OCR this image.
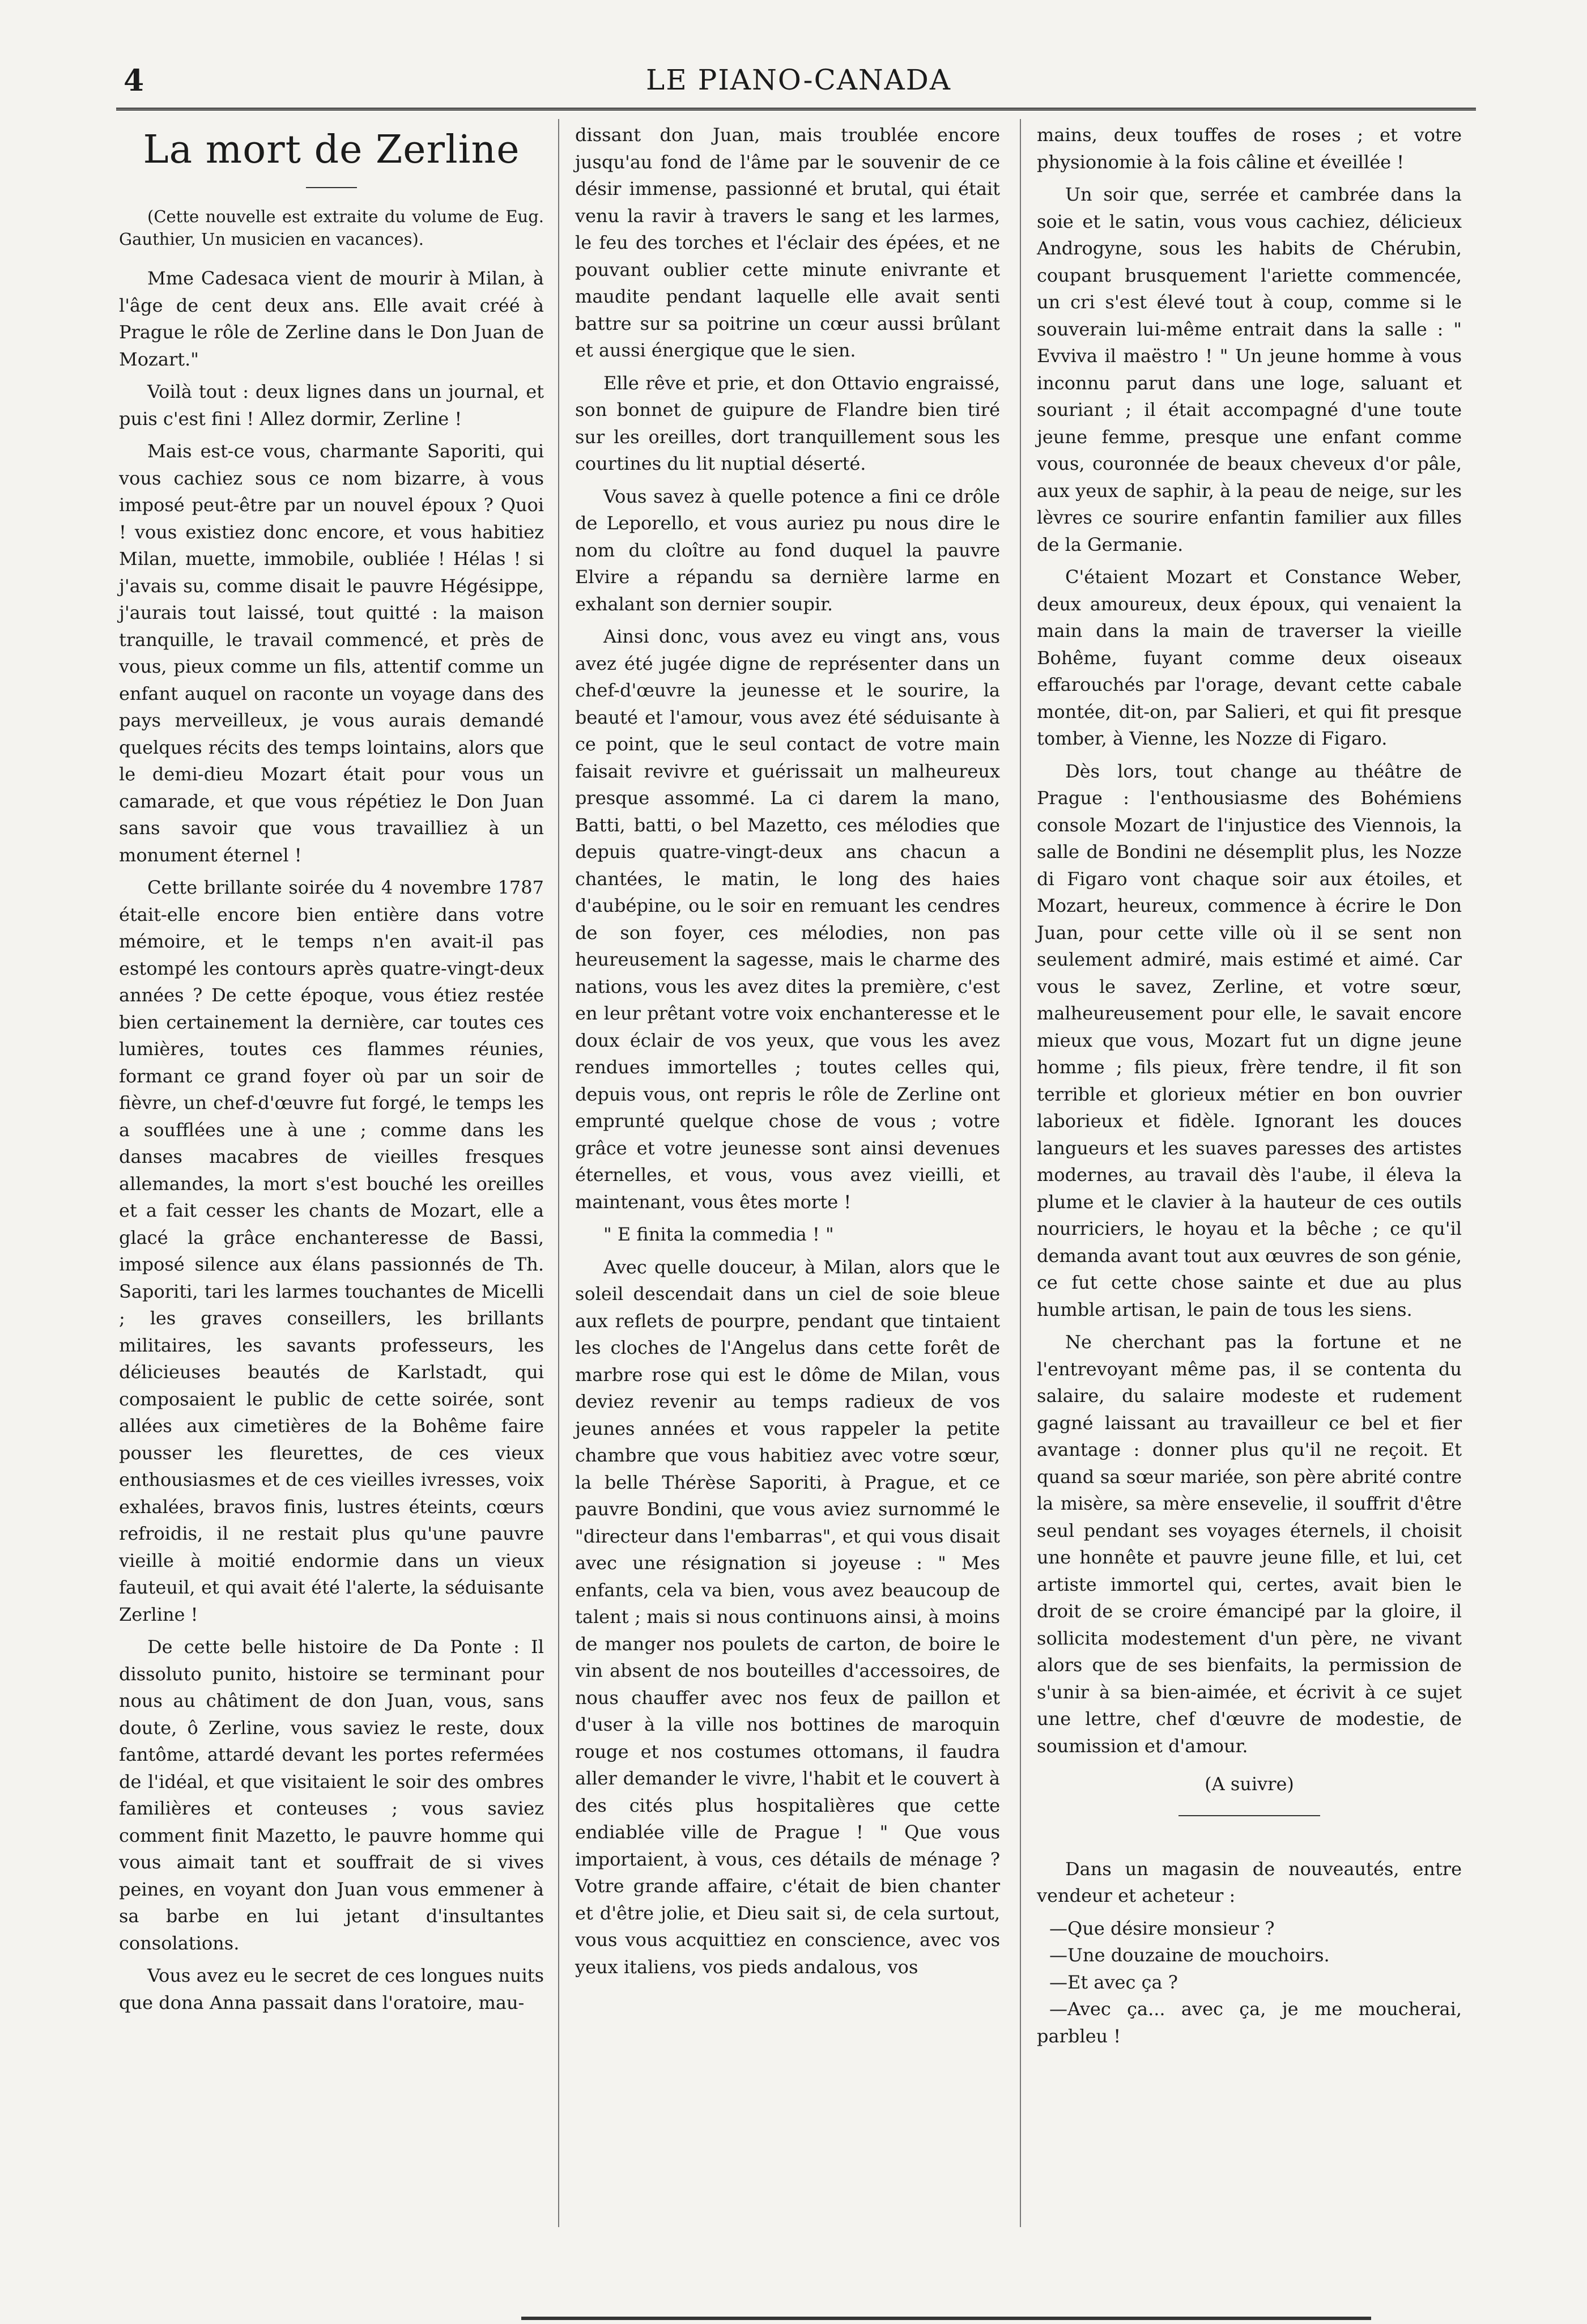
4	LE PIANO-CANADA
La mort de Zerline

(Cette nouvelle est extraite du volume de Eug. Gauthier, Un musicien en vacances).

Mme Cadesaca vient de mourir à Milan, à l'âge de cent deux ans. Elle avait créé à Prague le rôle de Zerline dans le Don Juan de Mozart."

Voilà tout : deux lignes dans un journal, et puis c'est fini ! Allez dormir, Zerline !

Mais est-ce vous, charmante Saporiti, qui vous cachiez sous ce nom bizarre, à vous imposé peut-être par un nouvel époux ? Quoi ! vous existiez donc encore, et vous habitiez Milan, muette, immobile, oubliée ! Hélas ! si j'avais su, comme disait le pauvre Hégésippe, j'aurais tout laissé, tout quitté : la maison tranquille, le travail commencé, et près de vous, pieux comme un fils, attentif comme un enfant auquel on raconte un voyage dans des pays merveilleux, je vous aurais demandé quelques récits des temps lointains, alors que le demi-dieu Mozart était pour vous un camarade, et que vous répétiez le Don Juan sans savoir que vous travailliez à un monument éternel !

Cette brillante soirée du 4 novembre 1787 était-elle encore bien entière dans votre mémoire, et le temps n'en avait-il pas estompé les contours après quatre-vingt-deux années ? De cette époque, vous étiez restée bien certainement la dernière, car toutes ces lumières, toutes ces flammes réunies, formant ce grand foyer où par un soir de fièvre, un chef-d'œuvre fut forgé, le temps les a soufflées une à une ; comme dans les danses macabres de vieilles fresques allemandes, la mort s'est bouché les oreilles et a fait cesser les chants de Mozart, elle a glacé la grâce enchanteresse de Bassi, imposé silence aux élans passionnés de Th. Saporiti, tari les larmes touchantes de Micelli ; les graves conseillers, les brillants militaires, les savants professeurs, les délicieuses beautés de Karlstadt, qui composaient le public de cette soirée, sont allées aux cimetières de la Bohême faire pousser les fleurettes, de ces vieux enthousiasmes et de ces vieilles ivresses, voix exhalées, bravos finis, lustres éteints, cœurs refroidis, il ne restait plus qu'une pauvre vieille à moitié endormie dans un vieux fauteuil, et qui avait été l'alerte, la séduisante Zerline !

De cette belle histoire de Da Ponte : Il dissoluto punito, histoire se terminant pour nous au châtiment de don Juan, vous, sans doute, ô Zerline, vous saviez le reste, doux fantôme, attardé devant les portes refermées de l'idéal, et que visitaient le soir des ombres familières et conteuses ; vous saviez comment finit Mazetto, le pauvre homme qui vous aimait tant et souffrait de si vives peines, en voyant don Juan vous emmener à sa barbe en lui jetant d'insultantes consolations.

Vous avez eu le secret de ces longues nuits que dona Anna passait dans l'oratoire, mau-

dissant don Juan, mais troublée encore jusqu'au fond de l'âme par le souvenir de ce désir immense, passionné et brutal, qui était venu la ravir à travers le sang et les larmes, le feu des torches et l'éclair des épées, et ne pouvant oublier cette minute enivrante et maudite pendant laquelle elle avait senti battre sur sa poitrine un cœur aussi brûlant et aussi énergique que le sien.

Elle rêve et prie, et don Ottavio engraissé, son bonnet de guipure de Flandre bien tiré sur les oreilles, dort tranquillement sous les courtines du lit nuptial déserté.

Vous savez à quelle potence a fini ce drôle de Leporello, et vous auriez pu nous dire le nom du cloître au fond duquel la pauvre Elvire a répandu sa dernière larme en exhalant son dernier soupir.

Ainsi donc, vous avez eu vingt ans, vous avez été jugée digne de représenter dans un chef-d'œuvre la jeunesse et le sourire, la beauté et l'amour, vous avez été séduisante à ce point, que le seul contact de votre main faisait revivre et guérissait un malheureux presque assommé. La ci darem la mano, Batti, batti, o bel Mazetto, ces mélodies que depuis quatre-vingt-deux ans chacun a chantées, le matin, le long des haies d'aubépine, ou le soir en remuant les cendres de son foyer, ces mélodies, non pas heureusement la sagesse, mais le charme des nations, vous les avez dites la première, c'est en leur prêtant votre voix enchanteresse et le doux éclair de vos yeux, que vous les avez rendues immortelles ; toutes celles qui, depuis vous, ont repris le rôle de Zerline ont emprunté quelque chose de vous ; votre grâce et votre jeunesse sont ainsi devenues éternelles, et vous, vous avez vieilli, et maintenant, vous êtes morte !

" E finita la commedia ! "

Avec quelle douceur, à Milan, alors que le soleil descendait dans un ciel de soie bleue aux reflets de pourpre, pendant que tintaient les cloches de l'Angelus dans cette forêt de marbre rose qui est le dôme de Milan, vous deviez revenir au temps radieux de vos jeunes années et vous rappeler la petite chambre que vous habitiez avec votre sœur, la belle Thérèse Saporiti, à Prague, et ce pauvre Bondini, que vous aviez surnommé le "directeur dans l'embarras", et qui vous disait avec une résignation si joyeuse : " Mes enfants, cela va bien, vous avez beaucoup de talent ; mais si nous continuons ainsi, à moins de manger nos poulets de carton, de boire le vin absent de nos bouteilles d'accessoires, de nous chauffer avec nos feux de paillon et d'user à la ville nos bottines de maroquin rouge et nos costumes ottomans, il faudra aller demander le vivre, l'habit et le couvert à des cités plus hospitalières que cette endiablée ville de Prague ! " Que vous importaient, à vous, ces détails de ménage ? Votre grande affaire, c'était de bien chanter et d'être jolie, et Dieu sait si, de cela surtout, vous vous acquittiez en conscience, avec vos yeux italiens, vos pieds andalous, vos

mains, deux touffes de roses ; et votre physionomie à la fois câline et éveillée !

Un soir que, serrée et cambrée dans la soie et le satin, vous vous cachiez, délicieux Androgyne, sous les habits de Chérubin, coupant brusquement l'ariette commencée, un cri s'est élevé tout à coup, comme si le souverain lui-même entrait dans la salle : " Evviva il maëstro ! " Un jeune homme à vous inconnu parut dans une loge, saluant et souriant ; il était accompagné d'une toute jeune femme, presque une enfant comme vous, couronnée de beaux cheveux d'or pâle, aux yeux de saphir, à la peau de neige, sur les lèvres ce sourire enfantin familier aux filles de la Germanie.

C'étaient Mozart et Constance Weber, deux amoureux, deux époux, qui venaient la main dans la main de traverser la vieille Bohême, fuyant comme deux oiseaux effarouchés par l'orage, devant cette cabale montée, dit-on, par Salieri, et qui fit presque tomber, à Vienne, les Nozze di Figaro.

Dès lors, tout change au théâtre de Prague : l'enthousiasme des Bohémiens console Mozart de l'injustice des Viennois, la salle de Bondini ne désemplit plus, les Nozze di Figaro vont chaque soir aux étoiles, et Mozart, heureux, commence à écrire le Don Juan, pour cette ville où il se sent non seulement admiré, mais estimé et aimé. Car vous le savez, Zerline, et votre sœur, malheureusement pour elle, le savait encore mieux que vous, Mozart fut un digne jeune homme ; fils pieux, frère tendre, il fit son terrible et glorieux métier en bon ouvrier laborieux et fidèle. Ignorant les douces langueurs et les suaves paresses des artistes modernes, au travail dès l'aube, il éleva la plume et le clavier à la hauteur de ces outils nourriciers, le hoyau et la bêche ; ce qu'il demanda avant tout aux œuvres de son génie, ce fut cette chose sainte et due au plus humble artisan, le pain de tous les siens.

Ne cherchant pas la fortune et ne l'entrevoyant même pas, il se contenta du salaire, du salaire modeste et rudement gagné laissant au travailleur ce bel et fier avantage : donner plus qu'il ne reçoit. Et quand sa sœur mariée, son père abrité contre la misère, sa mère ensevelie, il souffrit d'être seul pendant ses voyages éternels, il choisit une honnête et pauvre jeune fille, et lui, cet artiste immortel qui, certes, avait bien le droit de se croire émancipé par la gloire, il sollicita modestement d'un père, ne vivant alors que de ses bienfaits, la permission de s'unir à sa bien-aimée, et écrivit à ce sujet une lettre, chef d'œuvre de modestie, de soumission et d'amour.

(A suivre)

Dans un magasin de nouveautés, entre vendeur et acheteur :

—Que désire monsieur ?

—Une douzaine de mouchoirs.

—Et avec ça ?

—Avec ça... avec ça, je me moucherai, parbleu !
